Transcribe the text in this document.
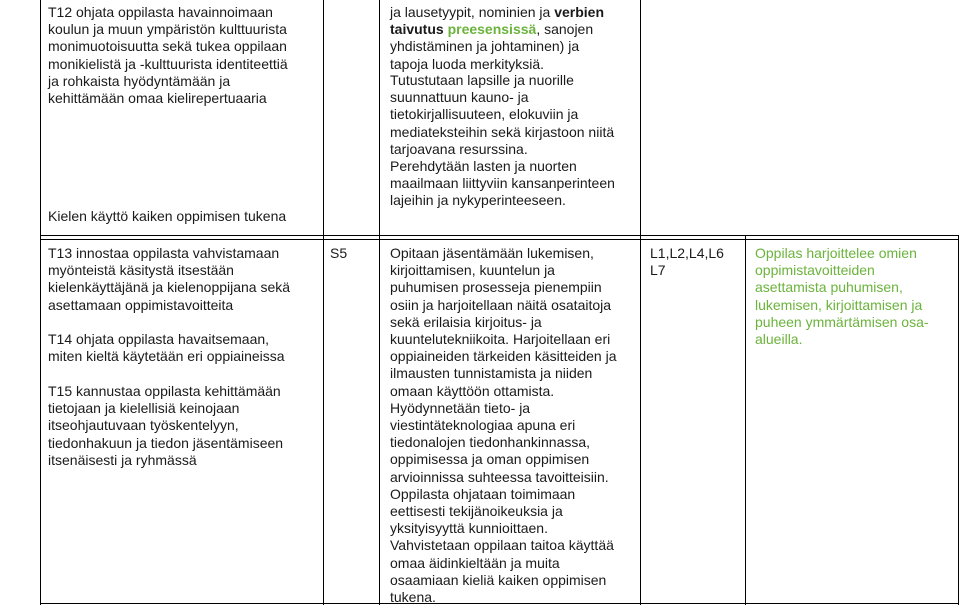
T12 ohjata oppilasta havainnoimaan
koulun ja muun ympäristön kulttuurista
monimuotoisuutta sekä tukea oppilaan
monikielistä ja -kulttuurista identiteettiä
ja rohkaista hyödyntämään ja
kehittämään omaa kielirepertuaaria
Kielen käyttö kaiken oppimisen tukena
ja lausetyypit, nominien ja verbien
taivutus preesensissä, sanojen
yhdistäminen ja johtaminen) ja
tapoja luoda merkityksiä.
Tutustutaan lapsille ja nuorille
suunnattuun kauno- ja
tietokirjallisuuteen, elokuviin ja
mediateksteihin sekä kirjastoon niitä
tarjoavana resurssina.
Perehdytään lasten ja nuorten
maailmaan liittyviin kansanperinteen
lajeihin ja nykyperinteeseen.
T13 innostaa oppilasta vahvistamaan
myönteistä käsitystä itsestään
kielenkäyttäjänä ja kielenoppijana sekä
asettamaan oppimistavoitteita
T14 ohjata oppilasta havaitsemaan,
miten kieltä käytetään eri oppiaineissa
T15 kannustaa oppilasta kehittämään
tietojaan ja kielellisiä keinojaan
itseohjautuvaan työskentelyyn,
tiedonhakuun ja tiedon jäsentämiseen
itsenäisesti ja ryhmässä
S5	Opitaan jäsentämään lukemisen,
kirjoittamisen, kuuntelun ja
puhumisen prosesseja pienempiin
osiin ja harjoitellaan näitä osataitoja
sekä erilaisia kirjoitus- ja
kuuntelutekniikoita. Harjoitellaan eri
oppiaineiden tärkeiden käsitteiden ja
ilmausten tunnistamista ja niiden
omaan käyttöön ottamista.
Hyödynnetään tieto- ja
viestintäteknologiaa apuna eri
tiedonalojen tiedonhankinnassa,
oppimisessa ja oman oppimisen
arvioinnissa suhteessa tavoitteisiin.
Oppilasta ohjataan toimimaan
eettisesti tekijänoikeuksia ja
yksityisyyttä kunnioittaen.
Vahvistetaan oppilaan taitoa käyttää
omaa äidinkieltään ja muita
osaamiaan kieliä kaiken oppimisen
tukena.
L1,L2,L4,L6
L7
Oppilas harjoittelee omien
oppimistavoitteiden
asettamista puhumisen,
lukemisen, kirjoittamisen ja
puheen ymmärtämisen osa-
alueilla.
